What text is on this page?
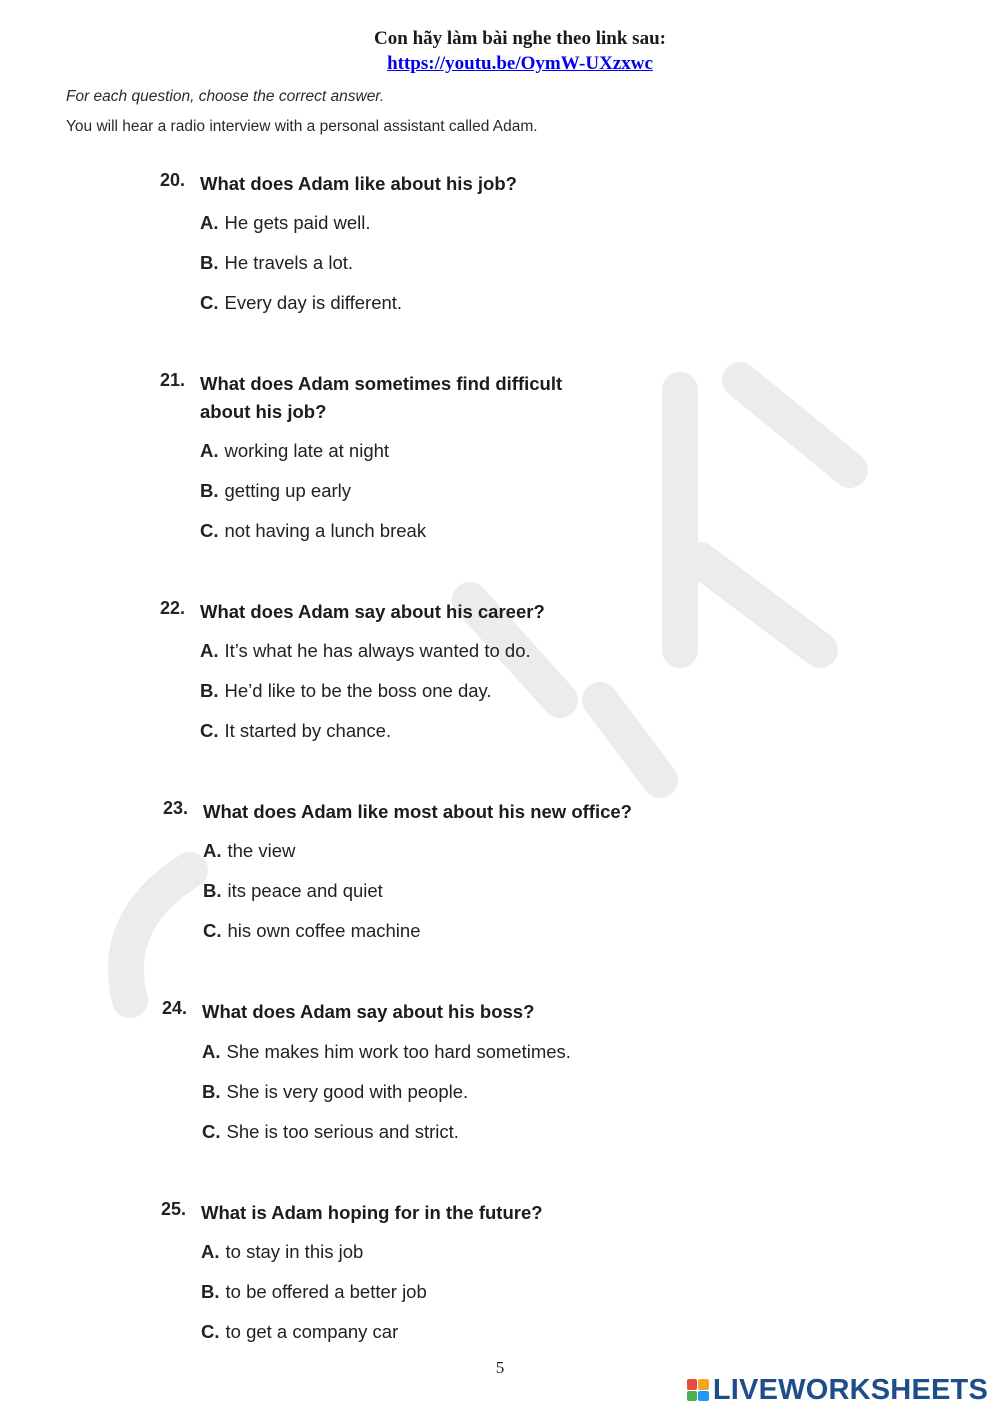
Con hãy làm bài nghe theo link sau:
https://youtu.be/OymW-UXzxwc

For each question, choose the correct answer.

You will hear a radio interview with a personal assistant called Adam.

20. What does Adam like about his job?
A. He gets paid well.
B. He travels a lot.
C. Every day is different.
21. What does Adam sometimes find difficult about his job?
A. working late at night
B. getting up early
C. not having a lunch break
22. What does Adam say about his career?
A. It’s what he has always wanted to do.
B. He’d like to be the boss one day.
C. It started by chance.
23. What does Adam like most about his new office?
A. the view
B. its peace and quiet
C. his own coffee machine
24. What does Adam say about his boss?
A. She makes him work too hard sometimes.
B. She is very good with people.
C. She is too serious and strict.
25. What is Adam hoping for in the future?
A. to stay in this job
B. to be offered a better job
C. to get a company car
5
LIVEWORKSHEETS
